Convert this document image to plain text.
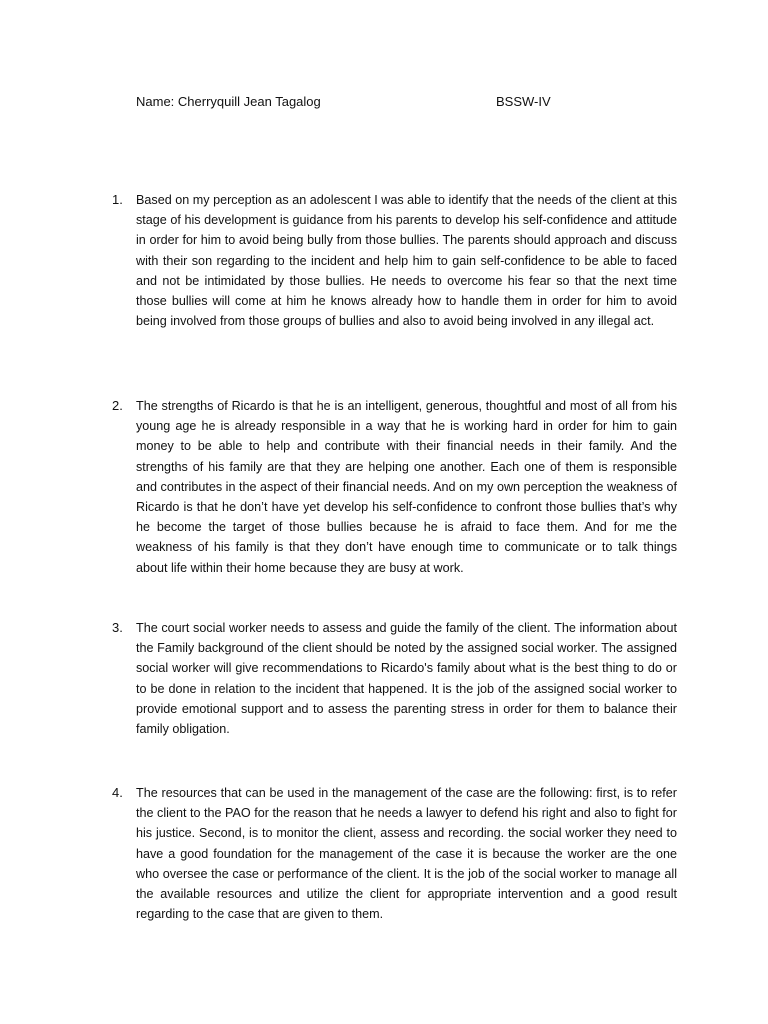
Name: Cherryquill Jean Tagalog	BSSW-IV
1. Based on my perception as an adolescent I was able to identify that the needs of the client at this stage of his development is guidance from his parents to develop his self-confidence and attitude in order for him to avoid being bully from those bullies. The parents should approach and discuss with their son regarding to the incident and help him to gain self-confidence to be able to faced and not be intimidated by those bullies. He needs to overcome his fear so that the next time those bullies will come at him he knows already how to handle them in order for him to avoid being involved from those groups of bullies and also to avoid being involved in any illegal act.

2. The strengths of Ricardo is that he is an intelligent, generous, thoughtful and most of all from his young age he is already responsible in a way that he is working hard in order for him to gain money to be able to help and contribute with their financial needs in their family. And the strengths of his family are that they are helping one another. Each one of them is responsible and contributes in the aspect of their financial needs. And on my own perception the weakness of Ricardo is that he don’t have yet develop his self-confidence to confront those bullies that’s why he become the target of those bullies because he is afraid to face them. And for me the weakness of his family is that they don’t have enough time to communicate or to talk things about life within their home because they are busy at work.

3. The court social worker needs to assess and guide the family of the client. The information about the Family background of the client should be noted by the assigned social worker. The assigned social worker will give recommendations to Ricardo's family about what is the best thing to do or to be done in relation to the incident that happened. It is the job of the assigned social worker to provide emotional support and to assess the parenting stress in order for them to balance their family obligation.

4. The resources that can be used in the management of the case are the following: first, is to refer the client to the PAO for the reason that he needs a lawyer to defend his right and also to fight for his justice. Second, is to monitor the client, assess and recording. the social worker they need to have a good foundation for the management of the case it is because the worker are the one who oversee the case or performance of the client. It is the job of the social worker to manage all the available resources and utilize the client for appropriate intervention and a good result regarding to the case that are given to them.
